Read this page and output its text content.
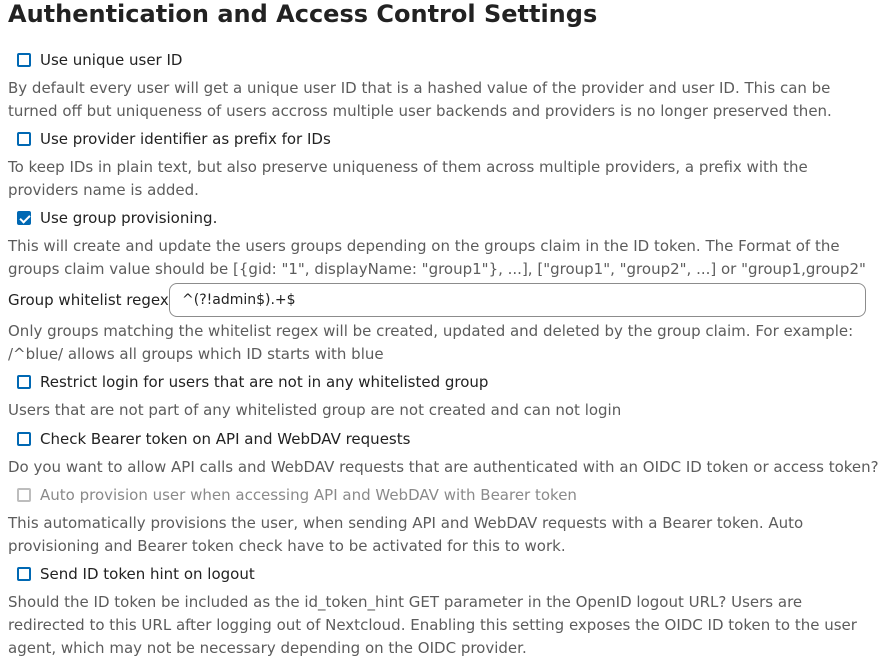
Authentication and Access Control Settings
Use unique user ID

By default every user will get a unique user ID that is a hashed value of the provider and user ID. This can be turned off but uniqueness of users accross multiple user backends and providers is no longer preserved then.

Use provider identifier as prefix for IDs

To keep IDs in plain text, but also preserve uniqueness of them across multiple providers, a prefix with the providers name is added.

Use group provisioning.

This will create and update the users groups depending on the groups claim in the ID token. The Format of the groups claim value should be [{gid: "1", displayName: "group1"}, ...], ["group1", "group2", ...] or "group1,group2"

Group whitelist regex
^(?!admin$).+$

Only groups matching the whitelist regex will be created, updated and deleted by the group claim. For example: /^blue/ allows all groups which ID starts with blue

Restrict login for users that are not in any whitelisted group

Users that are not part of any whitelisted group are not created and can not login

Check Bearer token on API and WebDAV requests

Do you want to allow API calls and WebDAV requests that are authenticated with an OIDC ID token or access token?

Auto provision user when accessing API and WebDAV with Bearer token

This automatically provisions the user, when sending API and WebDAV requests with a Bearer token. Auto provisioning and Bearer token check have to be activated for this to work.

Send ID token hint on logout

Should the ID token be included as the id_token_hint GET parameter in the OpenID logout URL? Users are redirected to this URL after logging out of Nextcloud. Enabling this setting exposes the OIDC ID token to the user agent, which may not be necessary depending on the OIDC provider.
